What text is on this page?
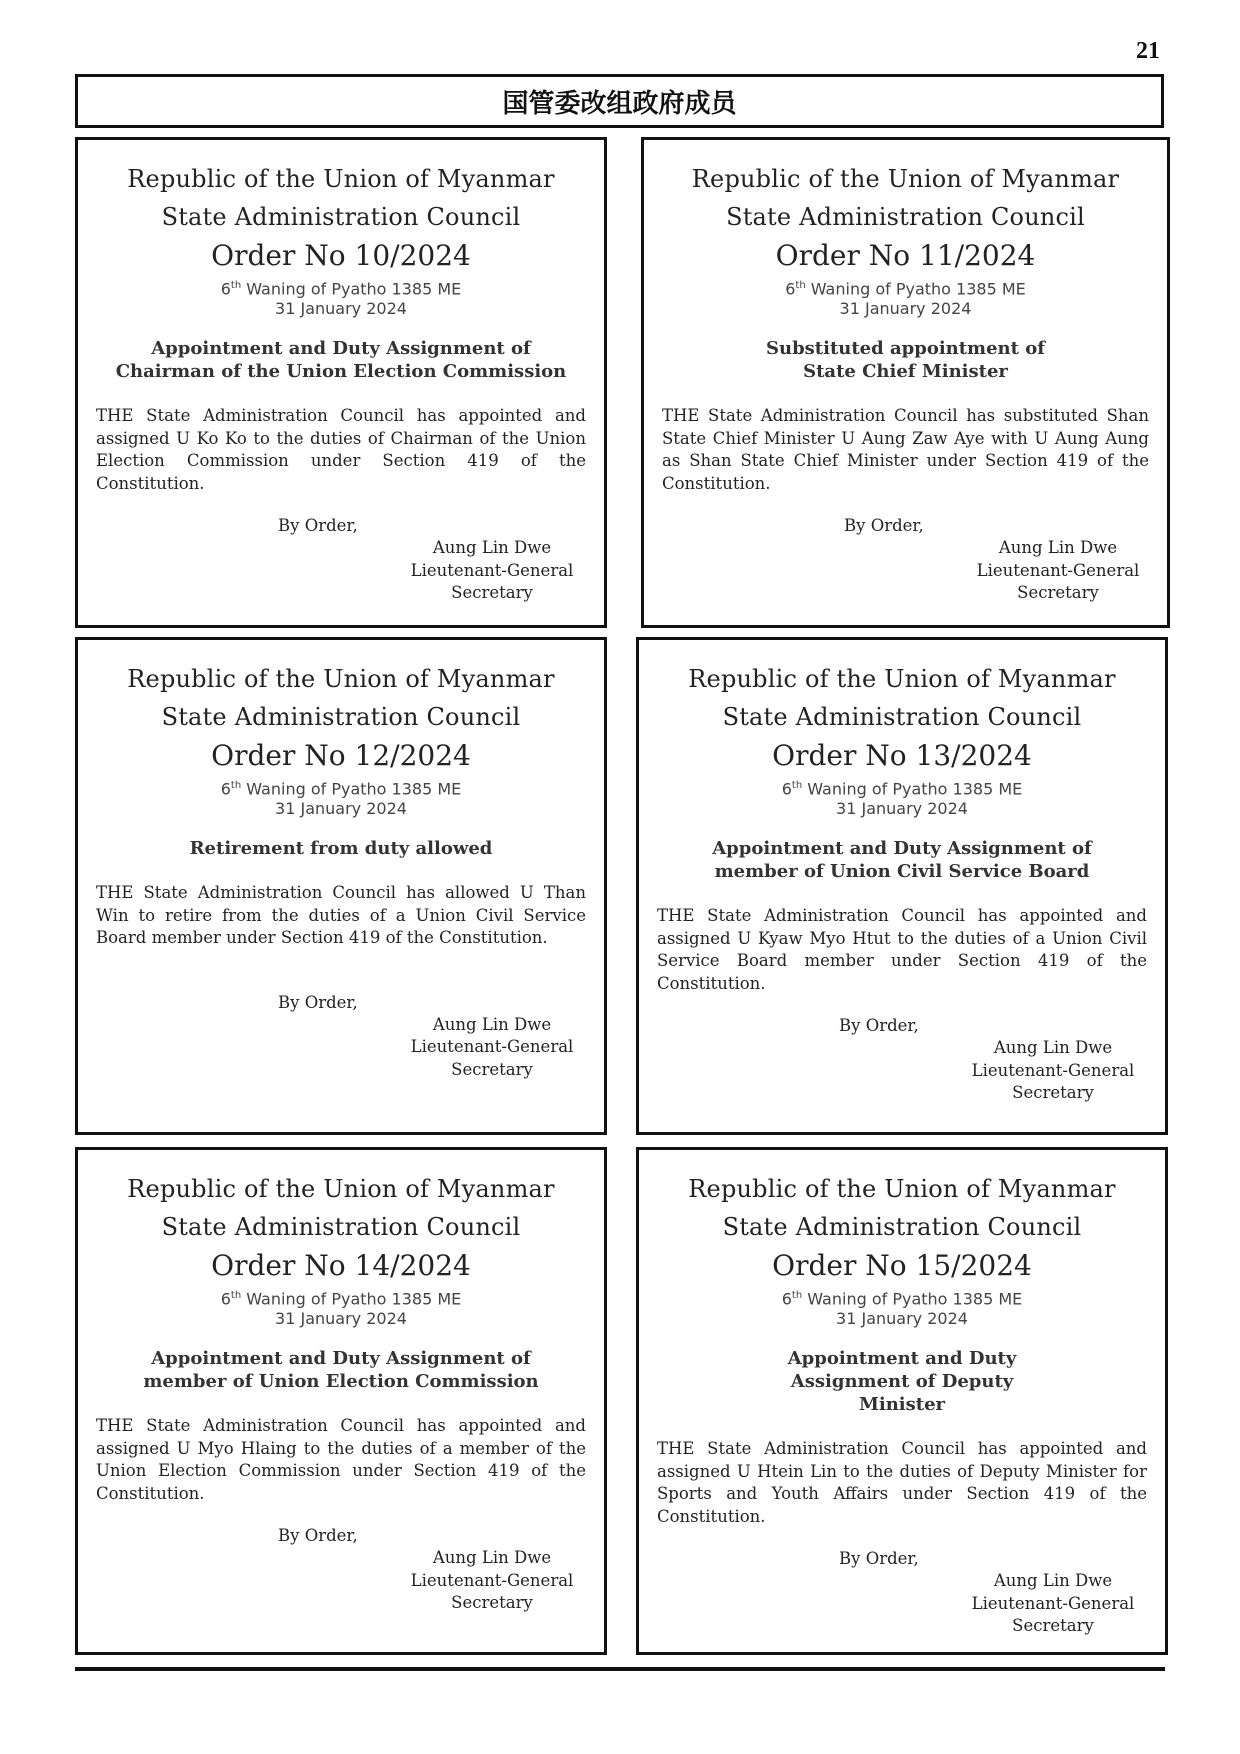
21
国管委改组政府成员
Republic of the Union of Myanmar
State Administration Council
Order No 10/2024
6th Waning of Pyatho 1385 ME
31 January 2024
Appointment and Duty Assignment of Chairman of the Union Election Commission
THE State Administration Council has appointed and assigned U Ko Ko to the duties of Chairman of the Union Election Commission under Section 419 of the Constitution.
By Order,
Aung Lin Dwe
Lieutenant-General
Secretary
Republic of the Union of Myanmar
State Administration Council
Order No 11/2024
6th Waning of Pyatho 1385 ME
31 January 2024
Substituted appointment of State Chief Minister
THE State Administration Council has substituted Shan State Chief Minister U Aung Zaw Aye with U Aung Aung as Shan State Chief Minister under Section 419 of the Constitution.
By Order,
Aung Lin Dwe
Lieutenant-General
Secretary
Republic of the Union of Myanmar
State Administration Council
Order No 12/2024
6th Waning of Pyatho 1385 ME
31 January 2024
Retirement from duty allowed
THE State Administration Council has allowed U Than Win to retire from the duties of a Union Civil Service Board member under Section 419 of the Constitution.
By Order,
Aung Lin Dwe
Lieutenant-General
Secretary
Republic of the Union of Myanmar
State Administration Council
Order No 13/2024
6th Waning of Pyatho 1385 ME
31 January 2024
Appointment and Duty Assignment of member of Union Civil Service Board
THE State Administration Council has appointed and assigned U Kyaw Myo Htut to the duties of a Union Civil Service Board member under Section 419 of the Constitution.
By Order,
Aung Lin Dwe
Lieutenant-General
Secretary
Republic of the Union of Myanmar
State Administration Council
Order No 14/2024
6th Waning of Pyatho 1385 ME
31 January 2024
Appointment and Duty Assignment of member of Union Election Commission
THE State Administration Council has appointed and assigned U Myo Hlaing to the duties of a member of the Union Election Commission under Section 419 of the Constitution.
By Order,
Aung Lin Dwe
Lieutenant-General
Secretary
Republic of the Union of Myanmar
State Administration Council
Order No 15/2024
6th Waning of Pyatho 1385 ME
31 January 2024
Appointment and Duty Assignment of Deputy Minister
THE State Administration Council has appointed and assigned U Htein Lin to the duties of Deputy Minister for Sports and Youth Affairs under Section 419 of the Constitution.
By Order,
Aung Lin Dwe
Lieutenant-General
Secretary
